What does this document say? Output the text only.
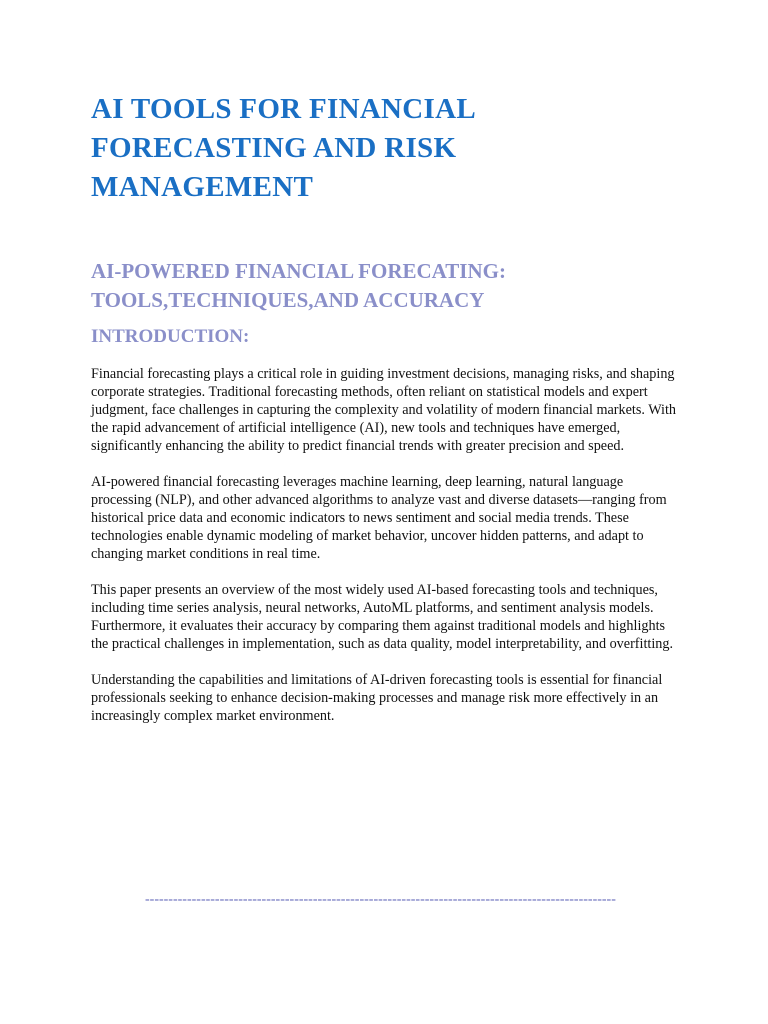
AI TOOLS FOR FINANCIAL FORECASTING AND RISK MANAGEMENT
AI-POWERED FINANCIAL FORECATING: TOOLS,TECHNIQUES,AND ACCURACY
INTRODUCTION:

Financial forecasting plays a critical role in guiding investment decisions, managing risks, and shaping corporate strategies. Traditional forecasting methods, often reliant on statistical models and expert judgment, face challenges in capturing the complexity and volatility of modern financial markets. With the rapid advancement of artificial intelligence (AI), new tools and techniques have emerged, significantly enhancing the ability to predict financial trends with greater precision and speed.

AI-powered financial forecasting leverages machine learning, deep learning, natural language processing (NLP), and other advanced algorithms to analyze vast and diverse datasets—ranging from historical price data and economic indicators to news sentiment and social media trends. These technologies enable dynamic modeling of market behavior, uncover hidden patterns, and adapt to changing market conditions in real time.

This paper presents an overview of the most widely used AI-based forecasting tools and techniques, including time series analysis, neural networks, AutoML platforms, and sentiment analysis models. Furthermore, it evaluates their accuracy by comparing them against traditional models and highlights the practical challenges in implementation, such as data quality, model interpretability, and overfitting.

Understanding the capabilities and limitations of AI-driven forecasting tools is essential for financial professionals seeking to enhance decision-making processes and manage risk more effectively in an increasingly complex market environment.

-----------------------------------------------------------------------------------------------------
